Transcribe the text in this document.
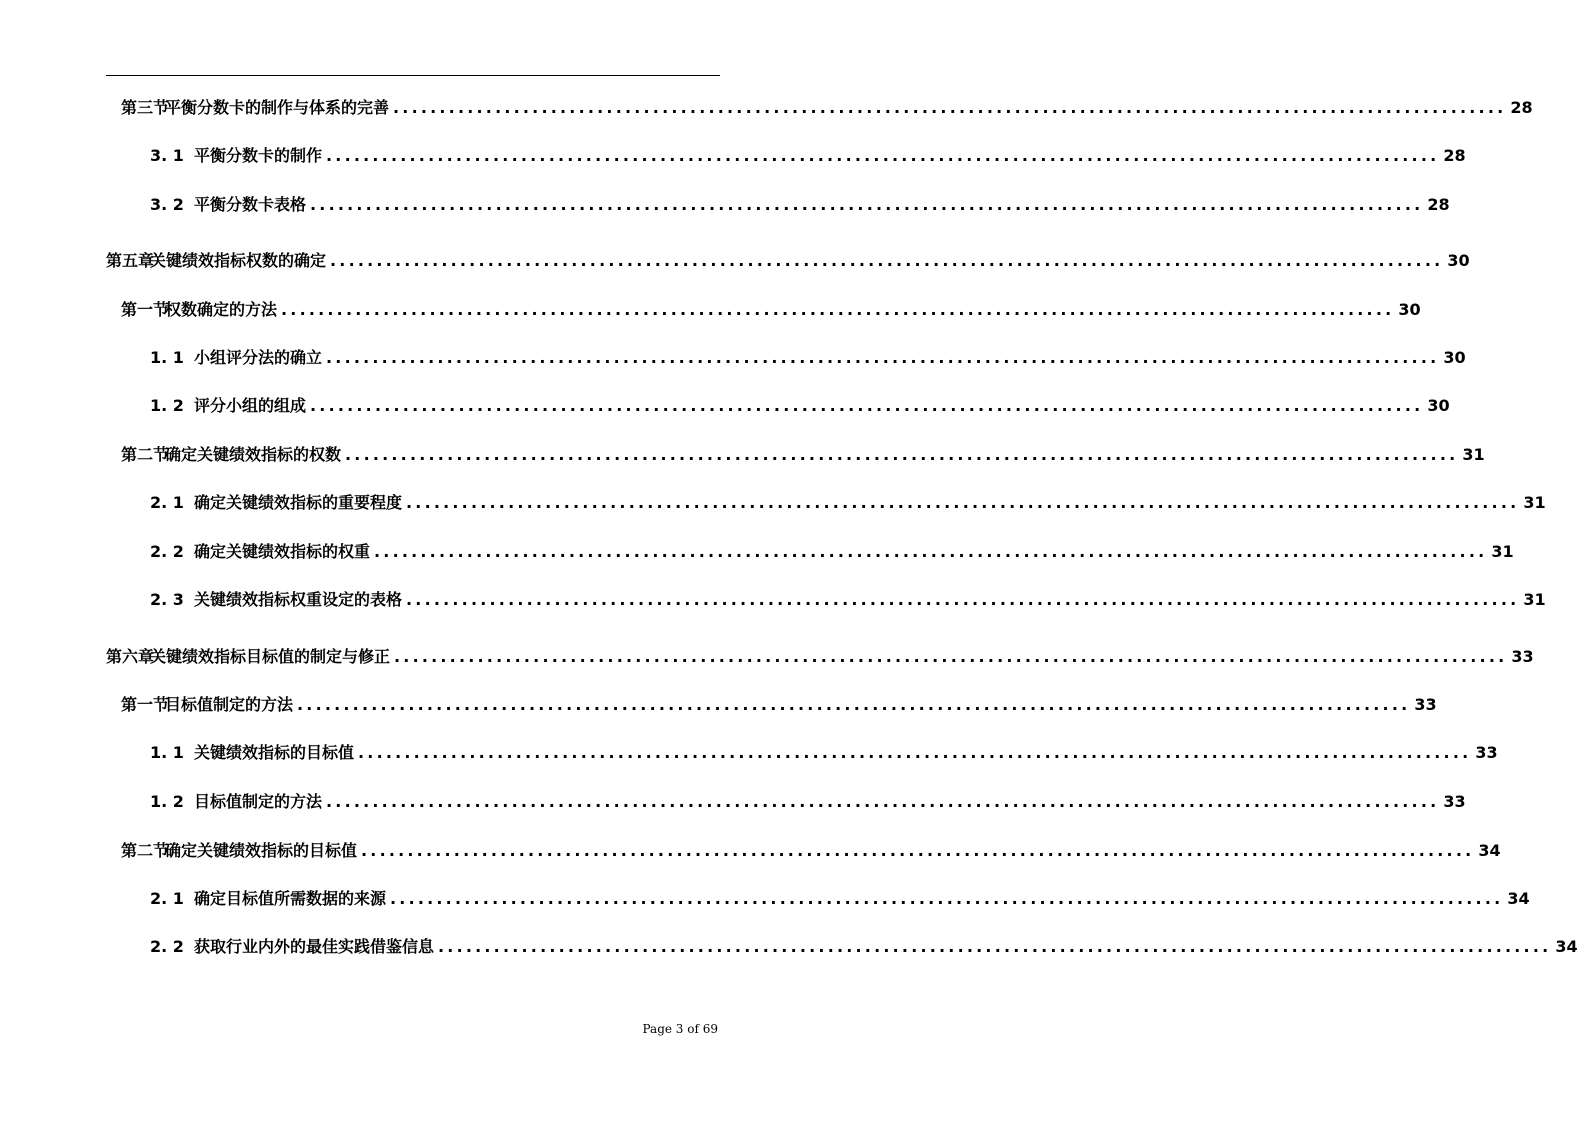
第三节
平衡分数卡的制作与体系的完善 ........................................................................................................................ 28
3. 1 平衡分数卡的制作 ........................................................................................................................ 28
3. 2 平衡分数卡表格 ........................................................................................................................ 28
第五章
关键绩效指标权数的确定 ........................................................................................................................ 30
第一节
权数确定的方法 ........................................................................................................................ 30
1. 1 小组评分法的确立 ........................................................................................................................ 30
1. 2 评分小组的组成 ........................................................................................................................ 30
第二节
确定关键绩效指标的权数 ........................................................................................................................ 31
2. 1 确定关键绩效指标的重要程度 ........................................................................................................................ 31
2. 2 确定关键绩效指标的权重 ........................................................................................................................ 31
2. 3 关键绩效指标权重设定的表格 ........................................................................................................................ 31
第六章
关键绩效指标目标值的制定与修正 ........................................................................................................................ 33
第一节
目标值制定的方法 ........................................................................................................................ 33
1. 1 关键绩效指标的目标值 ........................................................................................................................ 33
1. 2 目标值制定的方法 ........................................................................................................................ 33
第二节
确定关键绩效指标的目标值 ........................................................................................................................ 34
2. 1 确定目标值所需数据的来源 ........................................................................................................................ 34
2. 2 获取行业内外的最佳实践借鉴信息 ........................................................................................................................ 34
Page 3 of 69
